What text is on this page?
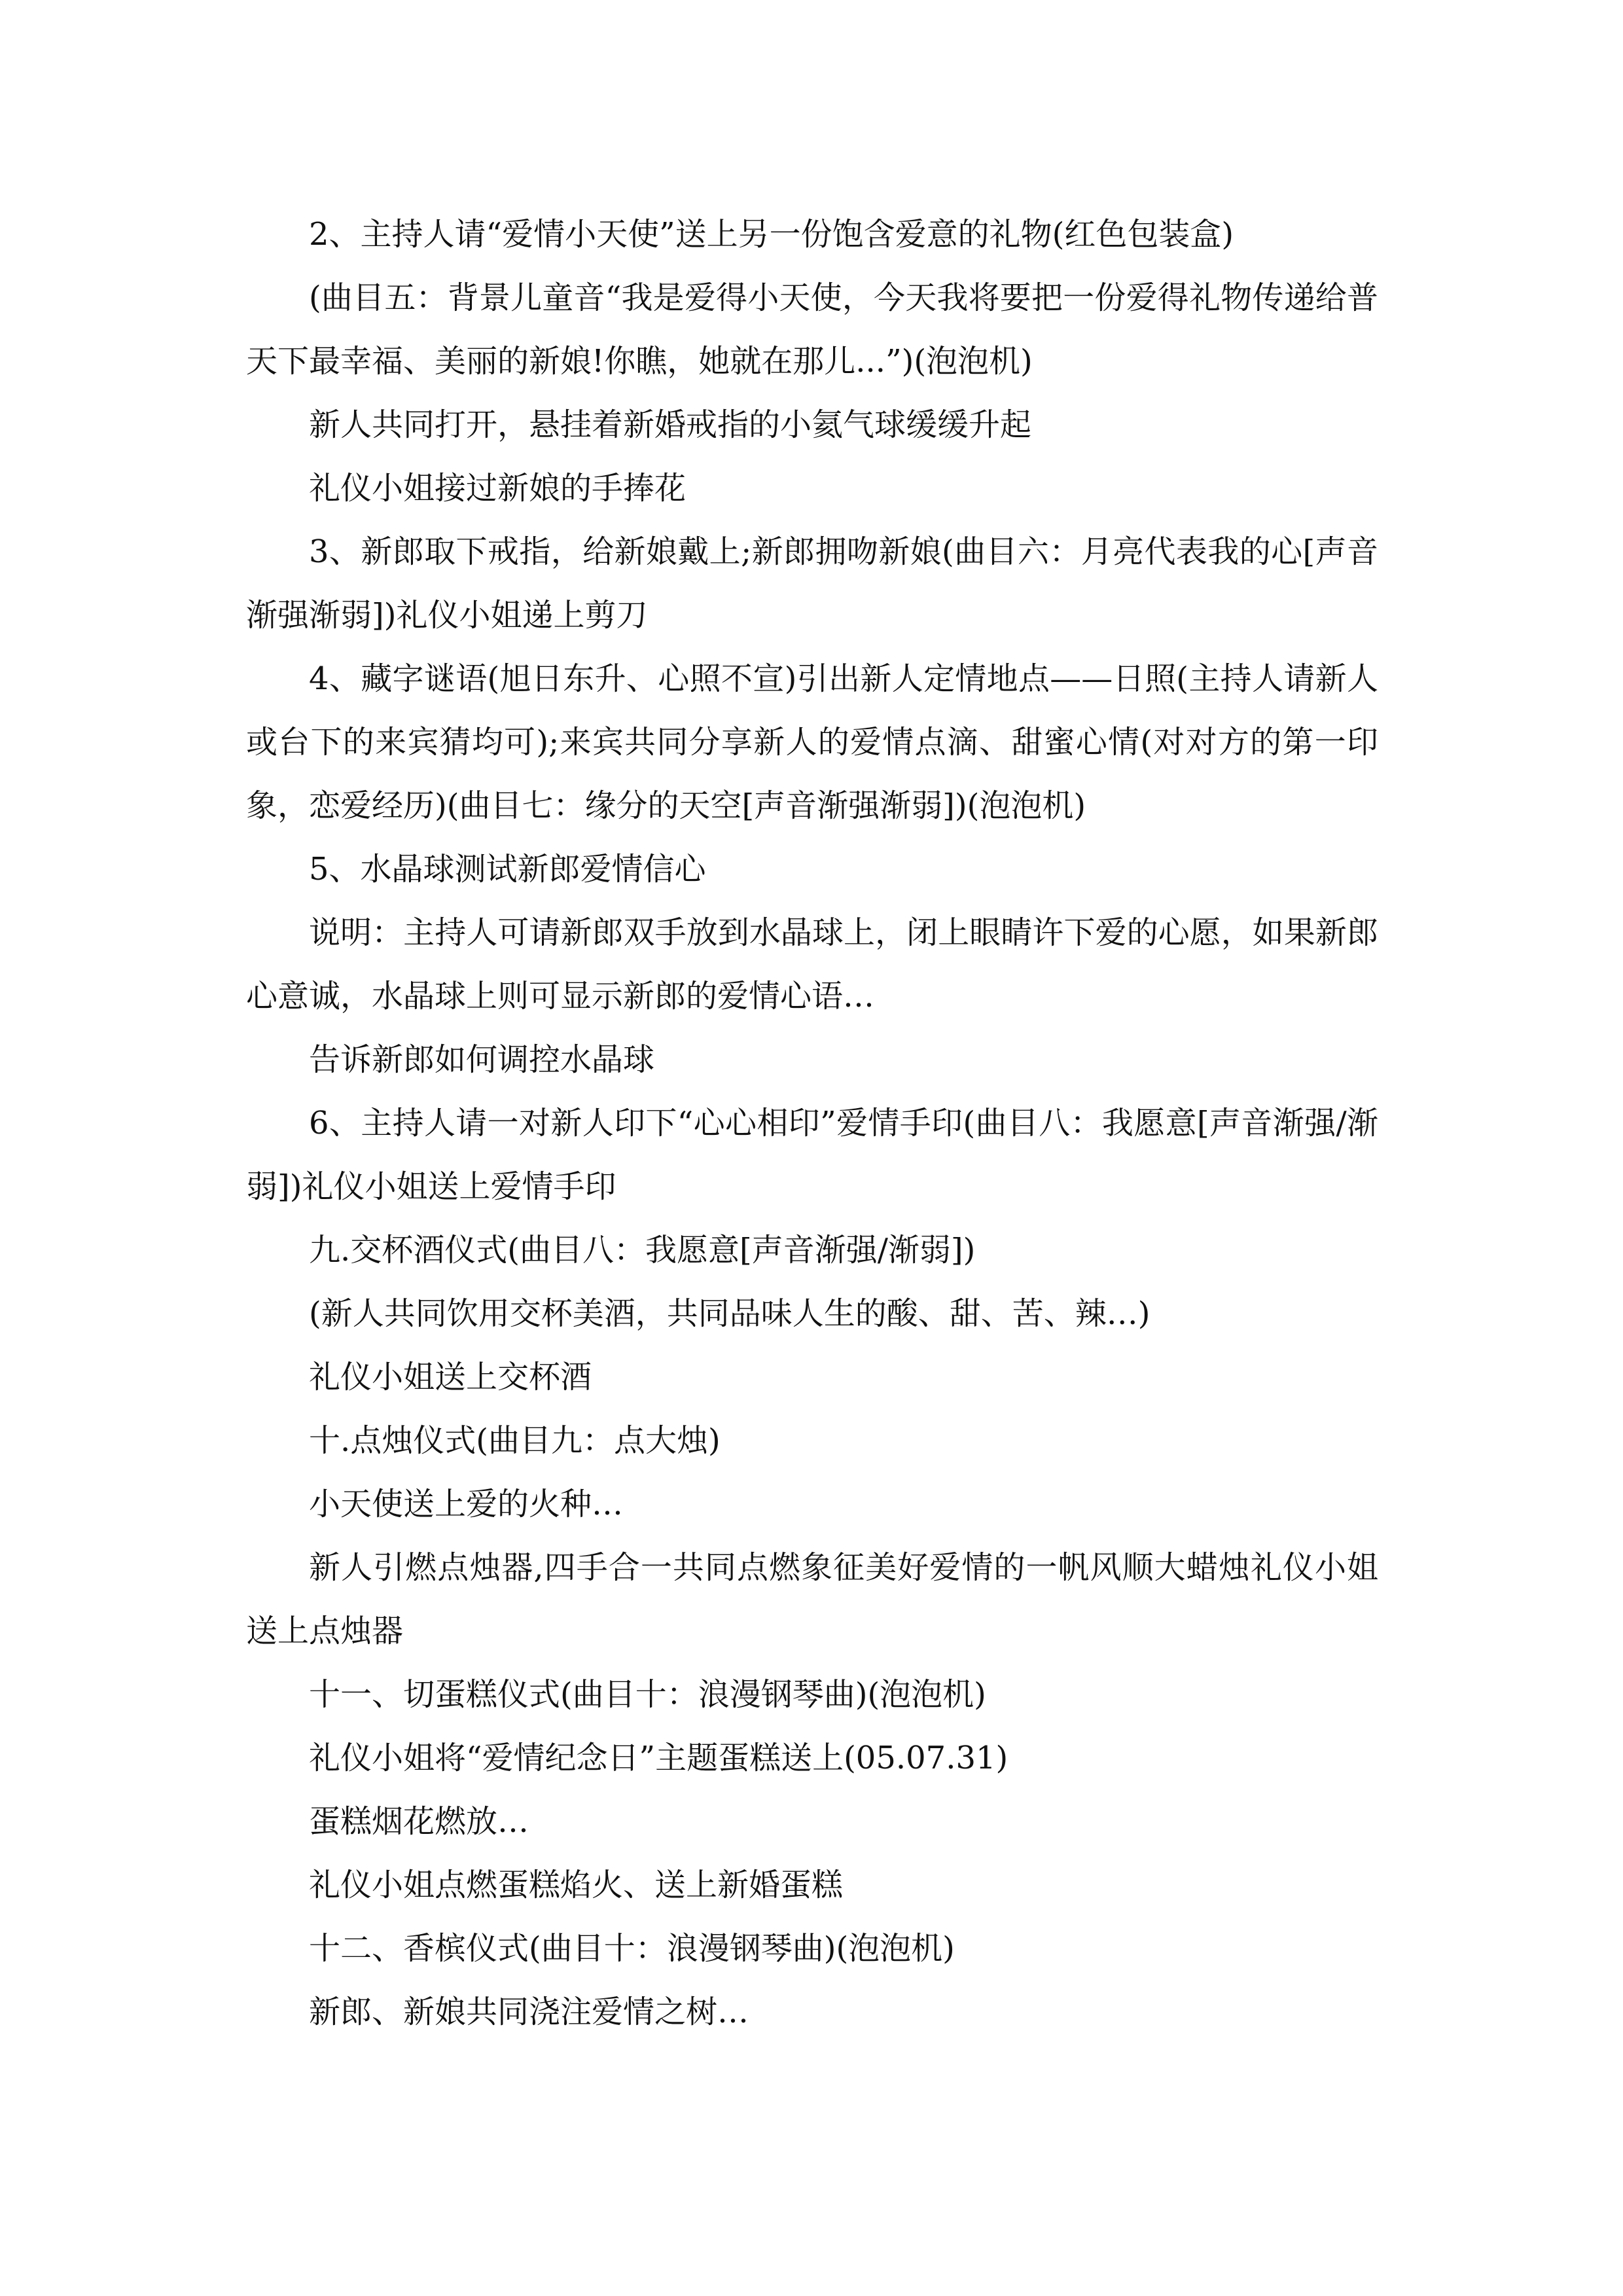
2、主持人请“爱情小天使”送上另一份饱含爱意的礼物(红色包装盒)

(曲目五：背景儿童音“我是爱得小天使，今天我将要把一份爱得礼物传递给普天下最幸福、美丽的新娘!你瞧，她就在那儿...”)(泡泡机)

新人共同打开，悬挂着新婚戒指的小氦气球缓缓升起

礼仪小姐接过新娘的手捧花

3、新郎取下戒指，给新娘戴上;新郎拥吻新娘(曲目六：月亮代表我的心[声音渐强渐弱])礼仪小姐递上剪刀

4、藏字谜语(旭日东升、心照不宣)引出新人定情地点——日照(主持人请新人或台下的来宾猜均可);来宾共同分享新人的爱情点滴、甜蜜心情(对对方的第一印象，恋爱经历)(曲目七：缘分的天空[声音渐强渐弱])(泡泡机)

5、水晶球测试新郎爱情信心

说明：主持人可请新郎双手放到水晶球上，闭上眼睛许下爱的心愿，如果新郎心意诚，水晶球上则可显示新郎的爱情心语…

告诉新郎如何调控水晶球

6、主持人请一对新人印下“心心相印”爱情手印(曲目八：我愿意[声音渐强/渐弱])礼仪小姐送上爱情手印

九.交杯酒仪式(曲目八：我愿意[声音渐强/渐弱])

(新人共同饮用交杯美酒，共同品味人生的酸、甜、苦、辣…)

礼仪小姐送上交杯酒

十.点烛仪式(曲目九：点大烛)

小天使送上爱的火种…

新人引燃点烛器,四手合一共同点燃象征美好爱情的一帆风顺大蜡烛礼仪小姐送上点烛器

十一、切蛋糕仪式(曲目十：浪漫钢琴曲)(泡泡机)

礼仪小姐将“爱情纪念日”主题蛋糕送上(05.07.31)

蛋糕烟花燃放…

礼仪小姐点燃蛋糕焰火、送上新婚蛋糕

十二、香槟仪式(曲目十：浪漫钢琴曲)(泡泡机)

新郎、新娘共同浇注爱情之树…
